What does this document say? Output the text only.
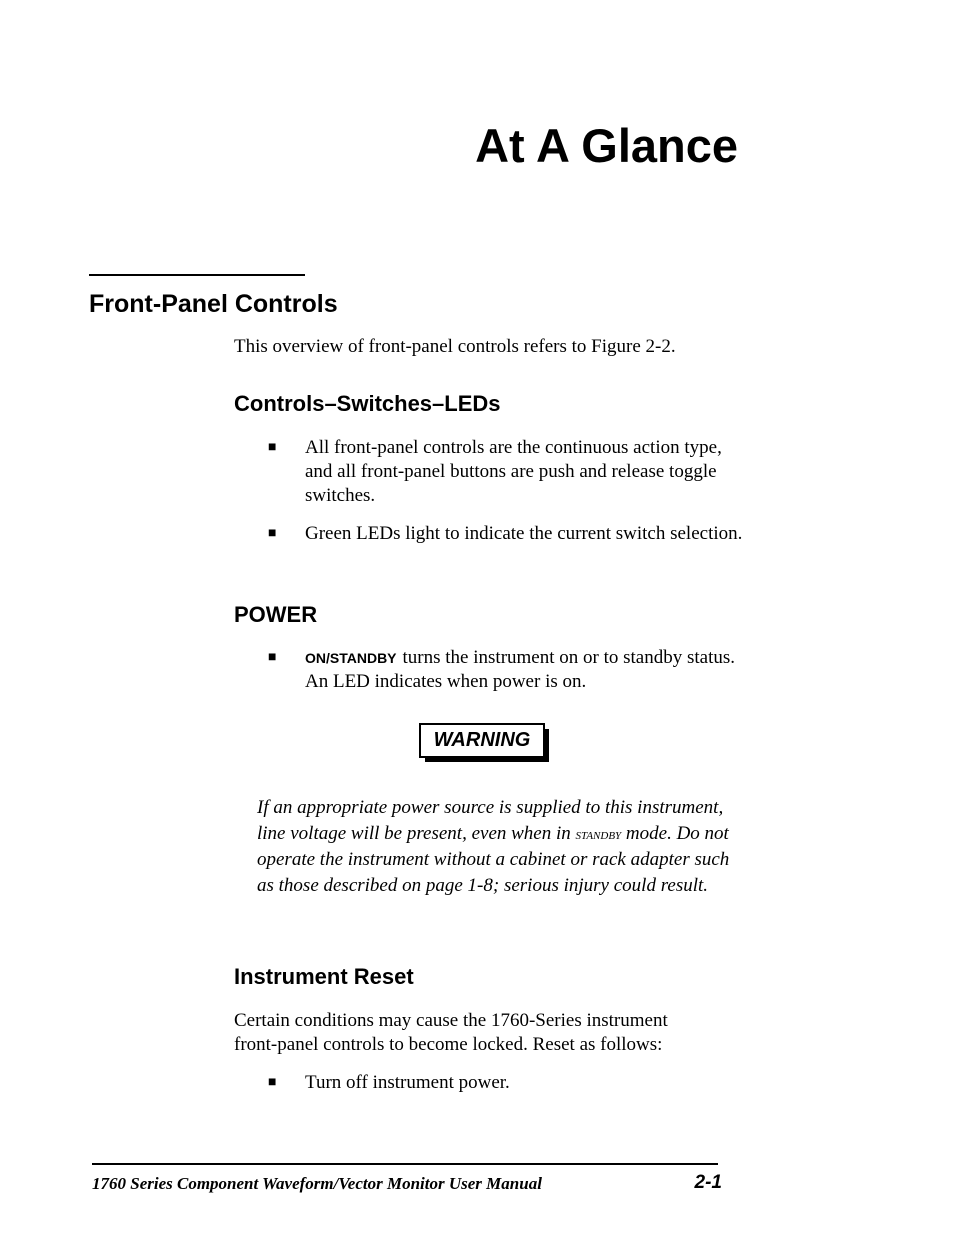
At A Glance
Front-Panel Controls
This overview of front-panel controls refers to Figure 2-2.
Controls–Switches–LEDs
■	All front-panel controls are the continuous action type, and all front-panel buttons are push and release toggle switches.
■	Green LEDs light to indicate the current switch selection.
POWER
■	ON/STANDBY turns the instrument on or to standby status. An LED indicates when power is on.
WARNING
If an appropriate power source is supplied to this instrument, line voltage will be present, even when in standby mode. Do not operate the instrument without a cabinet or rack adapter such as those described on page 1-8; serious injury could result.
Instrument Reset
Certain conditions may cause the 1760-Series instrument front-panel controls to become locked. Reset as follows:
■	Turn off instrument power.
1760 Series Component Waveform/Vector Monitor User Manual	2-1
